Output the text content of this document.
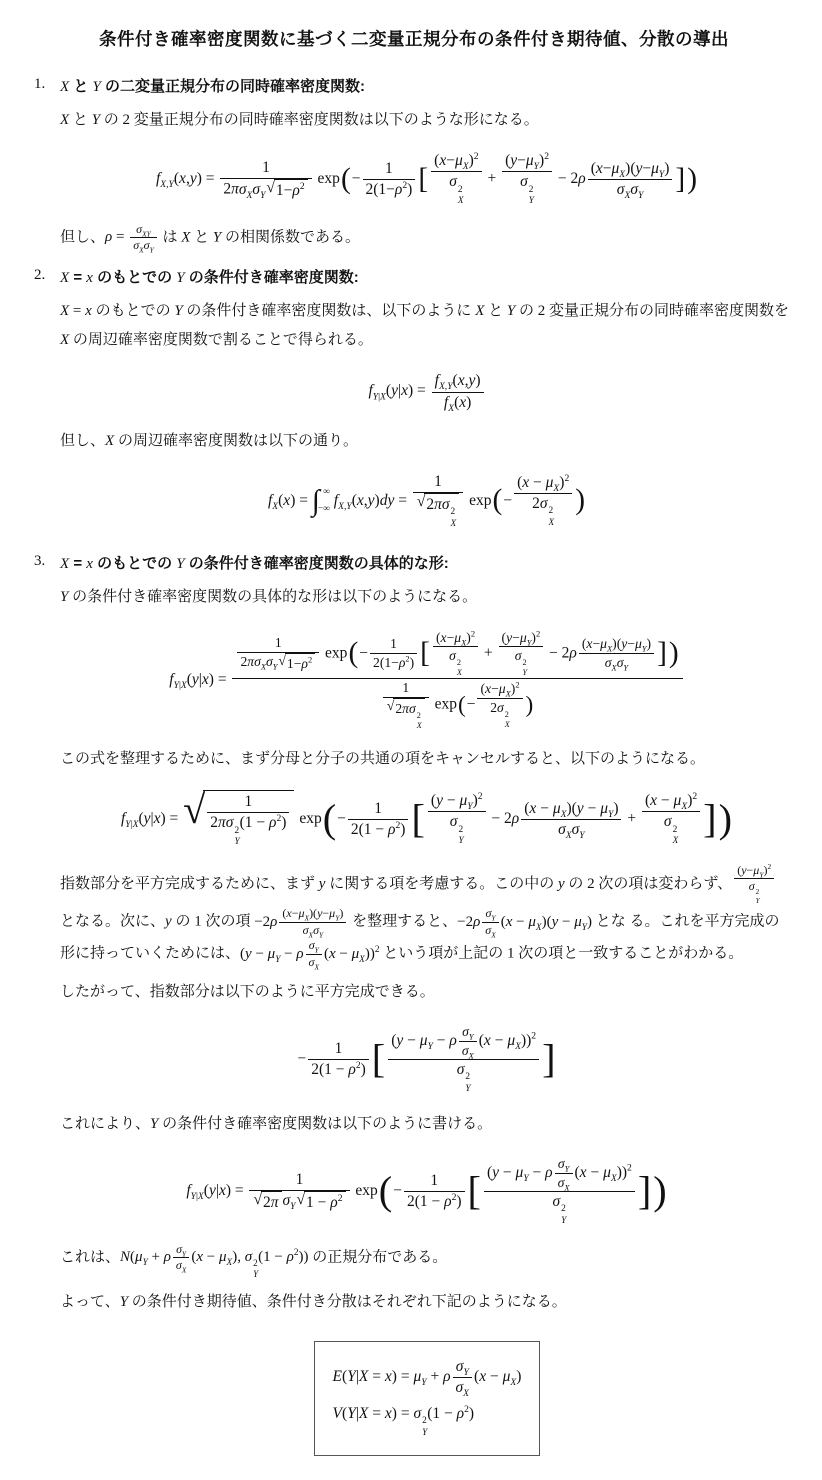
条件付き確率密度関数に基づく二変量正規分布の条件付き期待値、分散の導出
1. X と Y の二変量正規分布の同時確率密度関数:

X と Y の 2 変量正規分布の同時確率密度関数は以下のような形になる。

$f_{X,Y}(x,y)$ =
1
$2\pi\sigma_X\sigma_Y$ √ $1-\rho^2$ $\exp(- \frac{1}{2(1-\rho^2)}$ [ $(x-\mu_X)^2$
σ 2
$X + (y-\mu_Y)^2$
σ 2
Y − 2ρ
$(x-\mu_X)(y-\mu_Y)$
$\sigma_X\sigma_Y$
])

但し、ρ =
$\sigma_{XY}$
$\sigma_X\sigma_Y$
は X と Y の相関係数である。

2. X = x のもとでの Y の条件付き確率密度関数:

X = x のもとでの Y の条件付き確率密度関数は、以下のように X と Y の 2 変量正規分布の同時確率密度関数を X の周辺確率密度関数で割ることで得られる。

$f_{Y|X}(y|x) = \frac{f_{X,Y}(x,y)}{f_X(x)}$

但し、X の周辺確率密度関数は以下の通り。

$f_X(x)$ = ∫ ∞
−∞
$f_{X,Y}(x,y)dy = 1$
√ 2πσ 2
X $\exp(- (x - \mu_X)^2$
2σ 2
X )
3. X = x のもとでの Y の条件付き確率密度関数の具体的な形:

Y の条件付き確率密度関数の具体的な形は以下のようになる。

$f_{Y|X}(y|x)$ =
1
$2\pi\sigma_X\sigma_Y$ √ $1-\rho^2$ $\exp(- \frac{1}{2(1-\rho^2)}$ [ $(x-\mu_X)^2$
σ 2
$X + (y-\mu_Y)^2$
σ 2
Y − 2ρ
$(x-\mu_X)(y-\mu_Y)$
$\sigma_X\sigma_Y$ ])
1
√ 2πσ 2
X $\exp(- (x-\mu_X)^2$
2σ 2
X )

この式を整理するために、まず分母と分子の共通の項をキャンセルすると、以下のようになる。

$f_{Y|X}(y|x)$ = √ 1
2πσ 2
Y
$(1 - \rho^2)$ $\exp(- \frac{1}{2(1 - \rho^2)}$ [ $(y - \mu_Y)^2$
σ 2
Y − 2ρ
$(x - \mu_X)(y - \mu_Y)$
$\sigma_X\sigma_Y$
+ $(x - \mu_X)^2$
σ 2
X ])

指数部分を平方完成するために、まず y に関する項を考慮する。この中の y の 2 次の項は変わらず、 $(y-\mu_Y)^2$
σ 2
Y
となる。次に、y の 1 次の項 −2ρ
$(x-\mu_X)(y-\mu_Y)$
$\sigma_X\sigma_Y$
を整理すると、$-2\rho \frac{\sigma_Y}{\sigma_X} (x - \mu_X)(y - \mu_Y)$ とな る。これを平方完成の形に持っていくためには、$(y - \mu_Y - \rho \frac{\sigma_Y}{\sigma_X} (x - \mu_X))^2$ という項が上記の 1 次の項と一致することがわかる。

したがって、指数部分は以下のように平方完成できる。

− $\frac{1}{2(1 - \rho^2)}$ [ $(y - \mu_Y - \rho \frac{\sigma_Y}{\sigma_X} (x - \mu_X))^2$
σ 2
Y
]

これにより、Y の条件付き確率密度関数は以下のように書ける。

$f_{Y|X}(y|x)$ =
1
√ 2π $\sigma_Y$ √ $1 - \rho^2$ $\exp(- \frac{1}{2(1 - \rho^2)}$ [ $(y - \mu_Y - \rho \frac{\sigma_Y}{\sigma_X} (x - \mu_X))^2$
σ 2
Y
])

これは、$N(\mu_Y + \rho \frac{\sigma_Y}{\sigma_X} (x - \mu_X)$, σ 2
Y
$(1 - \rho^2)$) の正規分布である。

よって、Y の条件付き期待値、条件付き分散はそれぞれ下記のようになる。

$E(Y|X = x) = \mu_Y + \rho \frac{\sigma_Y}{\sigma_X} (x - \mu_X)$
V(Y|X = x) = σ 2
Y
$(1 - \rho^2)$
